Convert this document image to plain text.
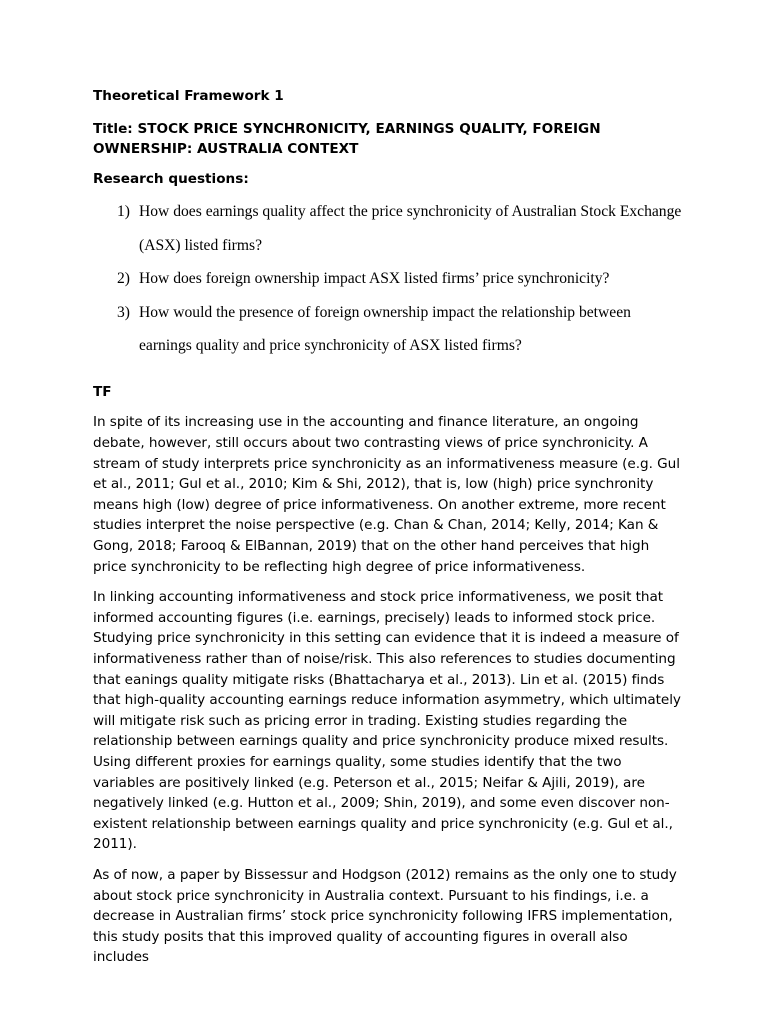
Theoretical Framework 1

Title: STOCK PRICE SYNCHRONICITY, EARNINGS QUALITY, FOREIGN OWNERSHIP: AUSTRALIA CONTEXT

Research questions:

1) How does earnings quality affect the price synchronicity of Australian Stock Exchange (ASX) listed firms?
2) How does foreign ownership impact ASX listed firms’ price synchronicity?
3) How would the presence of foreign ownership impact the relationship between earnings quality and price synchronicity of ASX listed firms?

TF

In spite of its increasing use in the accounting and finance literature, an ongoing debate, however, still occurs about two contrasting views of price synchronicity. A stream of study interprets price synchronicity as an informativeness measure (e.g. Gul et al., 2011; Gul et al., 2010; Kim & Shi, 2012), that is, low (high) price synchronity means high (low) degree of price informativeness. On another extreme, more recent studies interpret the noise perspective (e.g. Chan & Chan, 2014; Kelly, 2014; Kan & Gong, 2018; Farooq & ElBannan, 2019) that on the other hand perceives that high price synchronicity to be reflecting high degree of price informativeness.

In linking accounting informativeness and stock price informativeness, we posit that informed accounting figures (i.e. earnings, precisely) leads to informed stock price. Studying price synchronicity in this setting can evidence that it is indeed a measure of informativeness rather than of noise/risk. This also references to studies documenting that eanings quality mitigate risks (Bhattacharya et al., 2013). Lin et al. (2015) finds that high-quality accounting earnings reduce information asymmetry, which ultimately will mitigate risk such as pricing error in trading. Existing studies regarding the relationship between earnings quality and price synchronicity produce mixed results. Using different proxies for earnings quality, some studies identify that the two variables are positively linked (e.g. Peterson et al., 2015; Neifar & Ajili, 2019), are negatively linked (e.g. Hutton et al., 2009; Shin, 2019), and some even discover non-existent relationship between earnings quality and price synchronicity (e.g. Gul et al., 2011).

As of now, a paper by Bissessur and Hodgson (2012) remains as the only one to study about stock price synchronicity in Australia context. Pursuant to his findings, i.e. a decrease in Australian firms’ stock price synchronicity following IFRS implementation, this study posits that this improved quality of accounting figures in overall also includes
